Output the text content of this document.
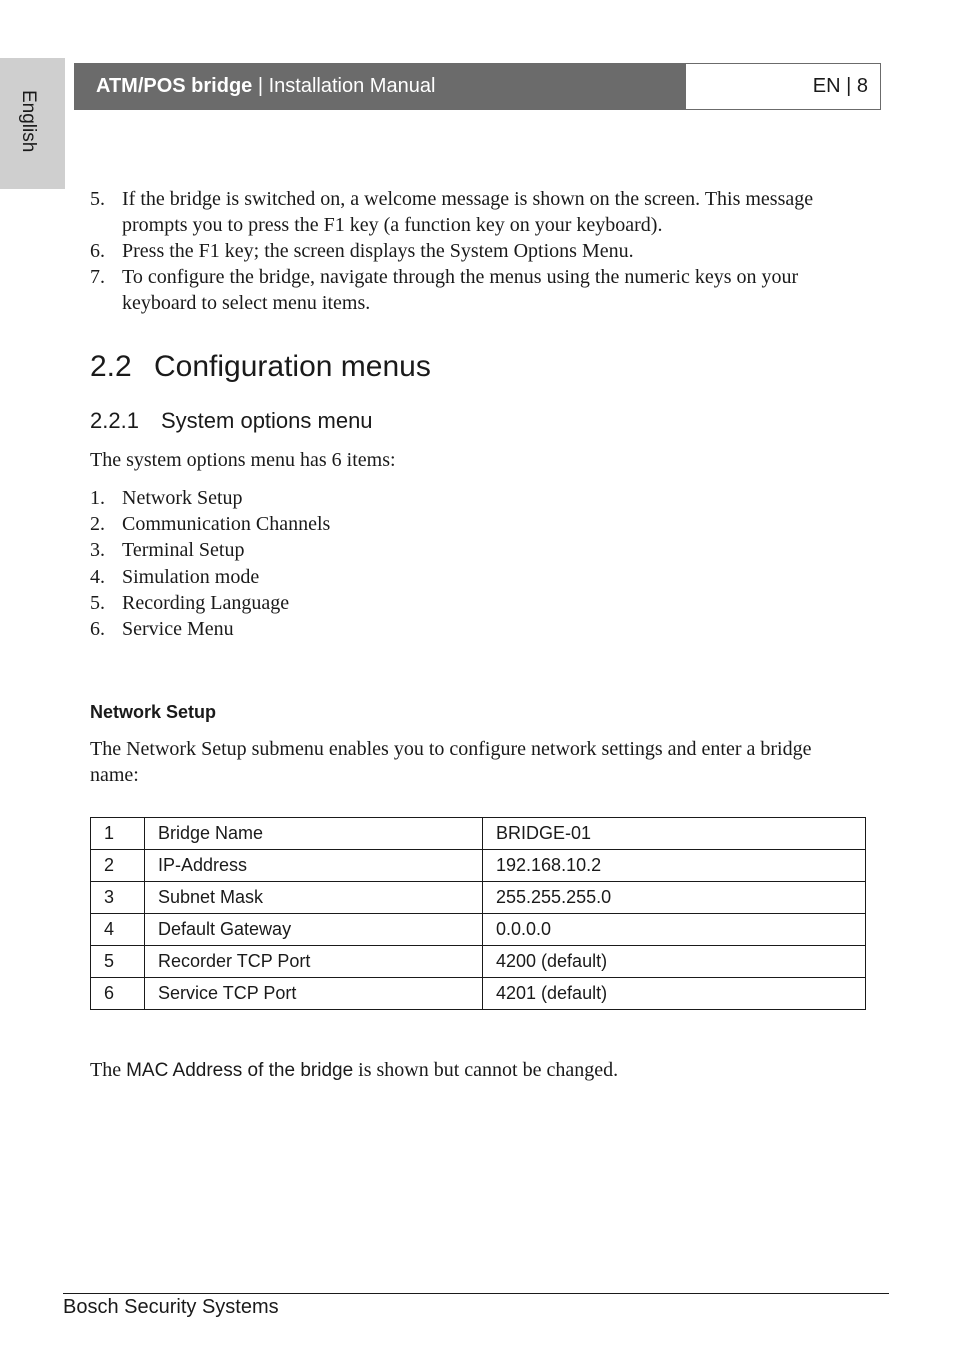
English
ATM/POS bridge | Installation Manual	EN | 8
5. If the bridge is switched on, a welcome message is shown on the screen. This message prompts you to press the F1 key (a function key on your keyboard).
6. Press the F1 key; the screen displays the System Options Menu.
7. To configure the bridge, navigate through the menus using the numeric keys on your keyboard to select menu items.
2.2 Configuration menus
2.2.1 System options menu

The system options menu has 6 items:

1. Network Setup
2. Communication Channels
3. Terminal Setup
4. Simulation mode
5. Recording Language
6. Service Menu
Network Setup

The Network Setup submenu enables you to configure network settings and enter a bridge name:

1	Bridge Name	BRIDGE-01
2	IP-Address	192.168.10.2
3	Subnet Mask	255.255.255.0
4	Default Gateway	0.0.0.0
5	Recorder TCP Port	4200 (default)
6	Service TCP Port	4201 (default)

The MAC Address of the bridge is shown but cannot be changed.

Bosch Security Systems
